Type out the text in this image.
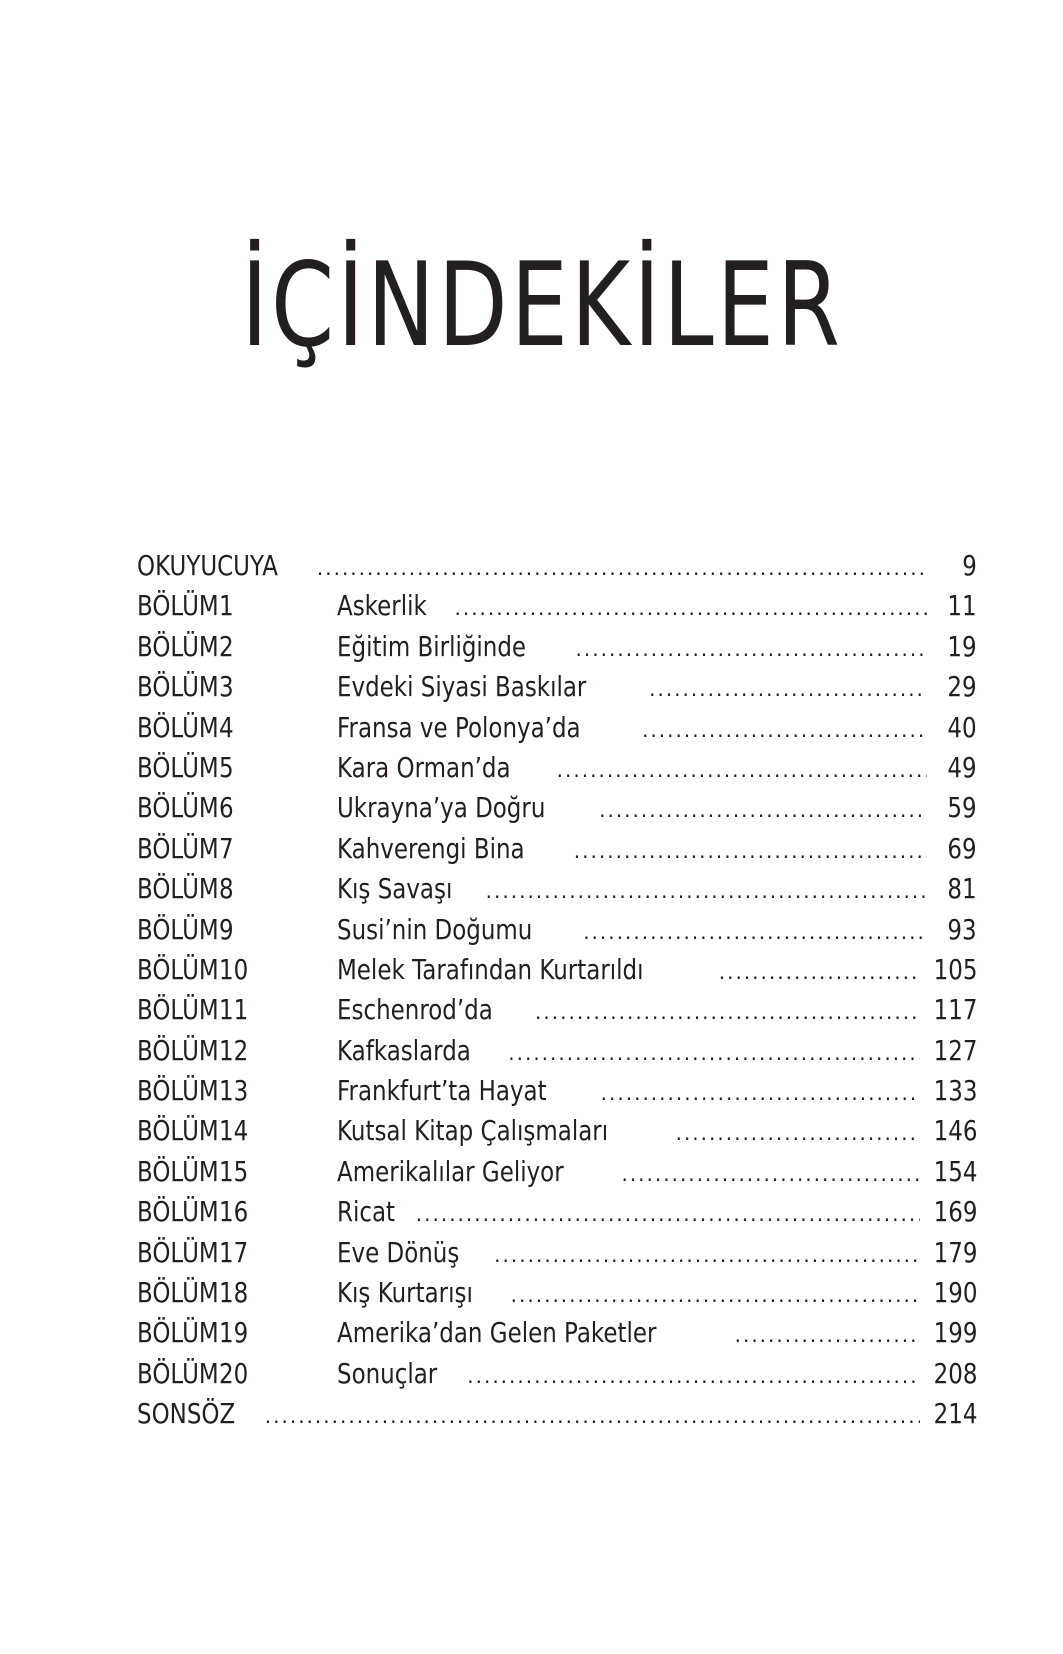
İÇİNDEKİLER
OKUYUCUYA .....	9
BÖLÜM1	Askerlik .....	11
BÖLÜM2	Eğitim Birliğinde .....	19
BÖLÜM3	Evdeki Siyasi Baskılar .....	29
BÖLÜM4	Fransa ve Polonya’da .....	40
BÖLÜM5	Kara Orman’da .....	49
BÖLÜM6	Ukrayna’ya Doğru .....	59
BÖLÜM7	Kahverengi Bina .....	69
BÖLÜM8	Kış Savaşı .....	81
BÖLÜM9	Susi’nin Doğumu .....	93
BÖLÜM10	Melek Tarafından Kurtarıldı .....	105
BÖLÜM11	Eschenrod’da .....	117
BÖLÜM12	Kafkaslarda .....	127
BÖLÜM13	Frankfurt’ta Hayat .....	133
BÖLÜM14	Kutsal Kitap Çalışmaları .....	146
BÖLÜM15	Amerikalılar Geliyor .....	154
BÖLÜM16	Ricat .....	169
BÖLÜM17	Eve Dönüş .....	179
BÖLÜM18	Kış Kurtarışı .....	190
BÖLÜM19	Amerika’dan Gelen Paketler .....	199
BÖLÜM20	Sonuçlar .....	208
SONSÖZ .....	214
